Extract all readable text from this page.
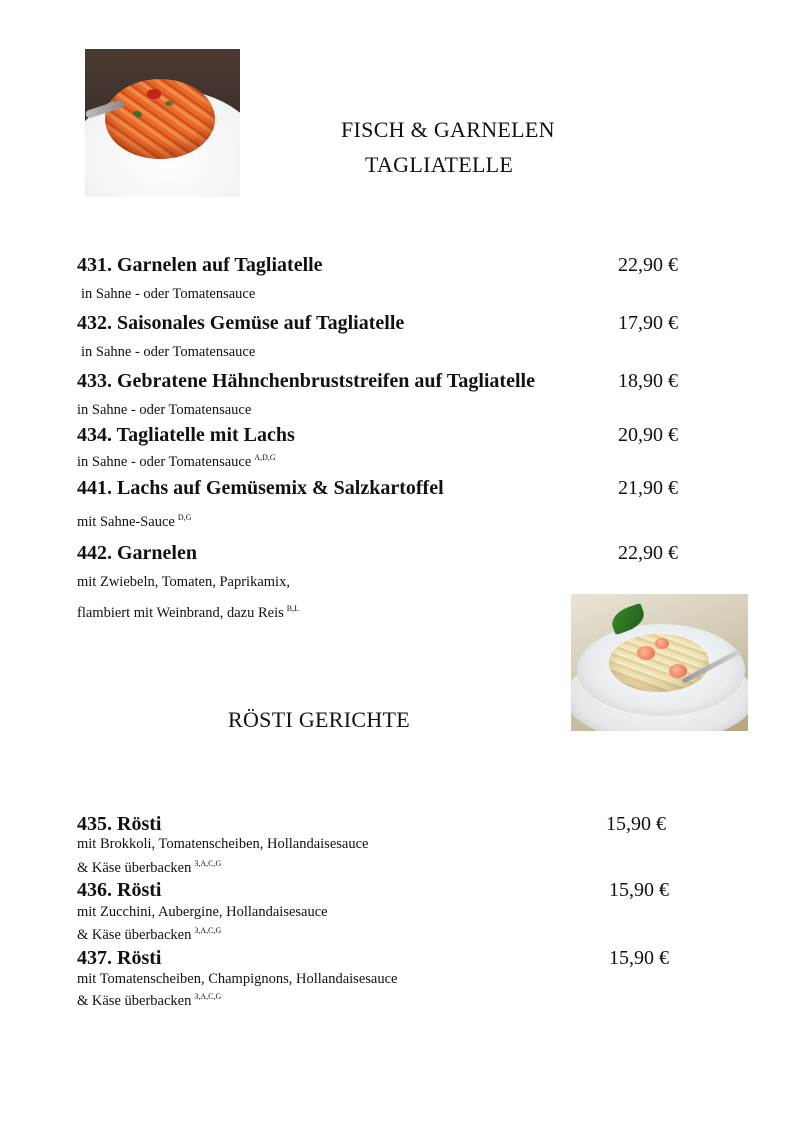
FISCH & GARNELEN
TAGLIATELLE
431. Garnelen auf Tagliatelle	22,90 €
in Sahne - oder Tomatensauce
432. Saisonales Gemüse auf Tagliatelle	17,90 €
in Sahne - oder Tomatensauce
433. Gebratene Hähnchenbruststreifen auf Tagliatelle	18,90 €
in Sahne - oder Tomatensauce
434. Tagliatelle mit Lachs	20,90 €
in Sahne - oder Tomatensauce $^{A,D,G}$
441. Lachs auf Gemüsemix & Salzkartoffel	21,90 €
mit Sahne-Sauce $^{D,G}$
442. Garnelen	22,90 €
mit Zwiebeln, Tomaten, Paprikamix,
flambiert mit Weinbrand, dazu Reis $^{B,L}$
RÖSTI GERICHTE
435. Rösti	15,90 €
mit Brokkoli, Tomatenscheiben, Hollandaisesauce
& Käse überbacken $^{3,A,C,G}$
436. Rösti	15,90 €
mit Zucchini, Aubergine, Hollandaisesauce
& Käse überbacken $^{3,A,C,G}$
437. Rösti	15,90 €
mit Tomatenscheiben, Champignons, Hollandaisesauce
& Käse überbacken $^{3,A,C,G}$
